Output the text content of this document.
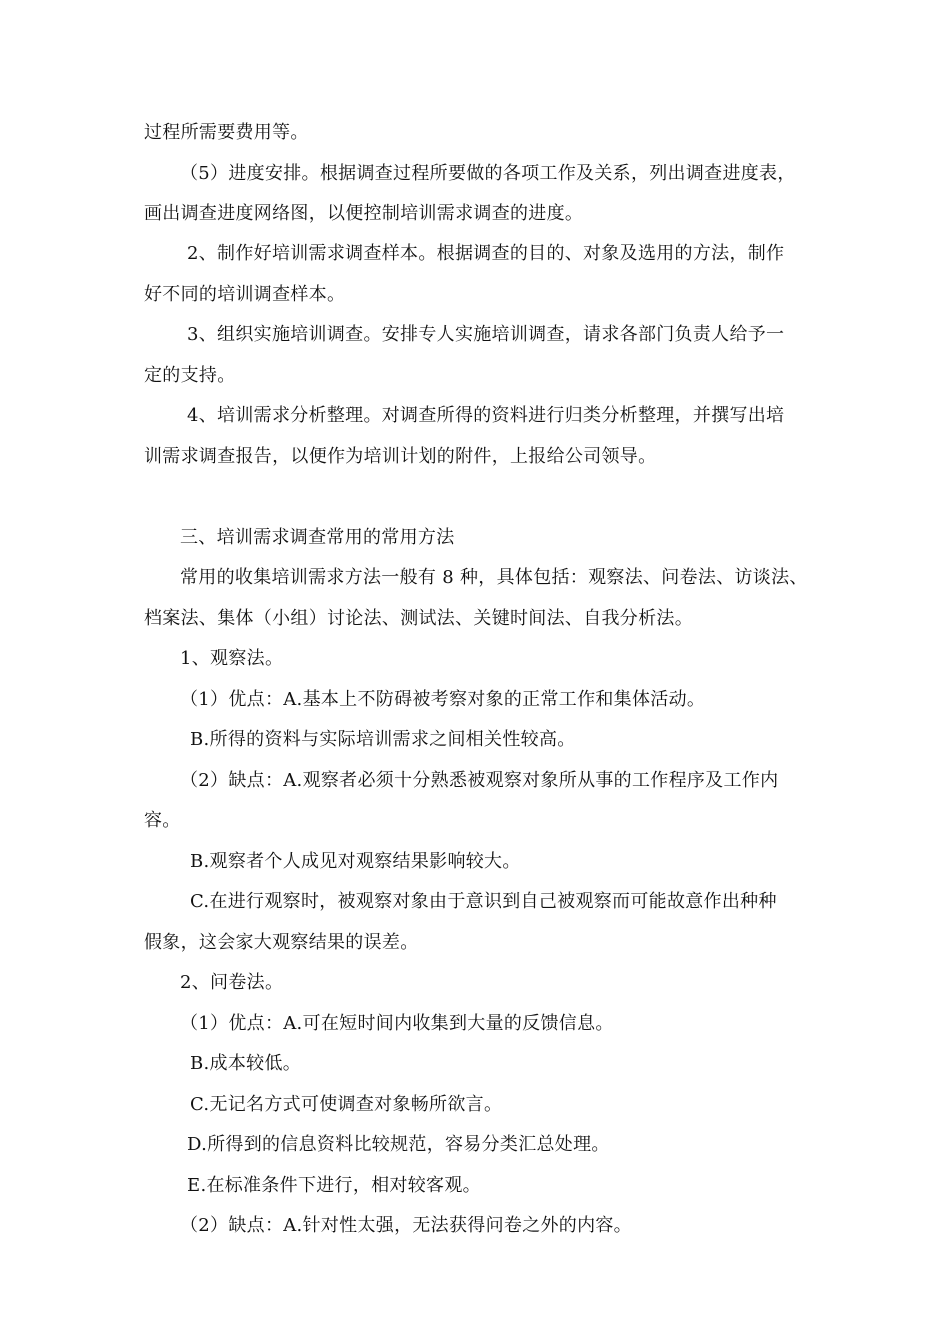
过程所需要费用等。
（5）进度安排。根据调查过程所要做的各项工作及关系，列出调查进度表，
画出调查进度网络图，以便控制培训需求调查的进度。
2、制作好培训需求调查样本。根据调查的目的、对象及选用的方法，制作
好不同的培训调查样本。
3、组织实施培训调查。安排专人实施培训调查，请求各部门负责人给予一
定的支持。
4、培训需求分析整理。对调查所得的资料进行归类分析整理，并撰写出培
训需求调查报告，以便作为培训计划的附件，上报给公司领导。
三、培训需求调查常用的常用方法
常用的收集培训需求方法一般有 8 种，具体包括：观察法、问卷法、访谈法、
档案法、集体（小组）讨论法、测试法、关键时间法、自我分析法。
1、观察法。
（1）优点：A.基本上不防碍被考察对象的正常工作和集体活动。
B.所得的资料与实际培训需求之间相关性较高。
（2）缺点：A.观察者必须十分熟悉被观察对象所从事的工作程序及工作内
容。
B.观察者个人成见对观察结果影响较大。
C.在进行观察时，被观察对象由于意识到自己被观察而可能故意作出种种
假象，这会家大观察结果的误差。
2、问卷法。
（1）优点：A.可在短时间内收集到大量的反馈信息。
B.成本较低。
C.无记名方式可使调查对象畅所欲言。
D.所得到的信息资料比较规范，容易分类汇总处理。
E.在标准条件下进行，相对较客观。
（2）缺点：A.针对性太强，无法获得问卷之外的内容。
